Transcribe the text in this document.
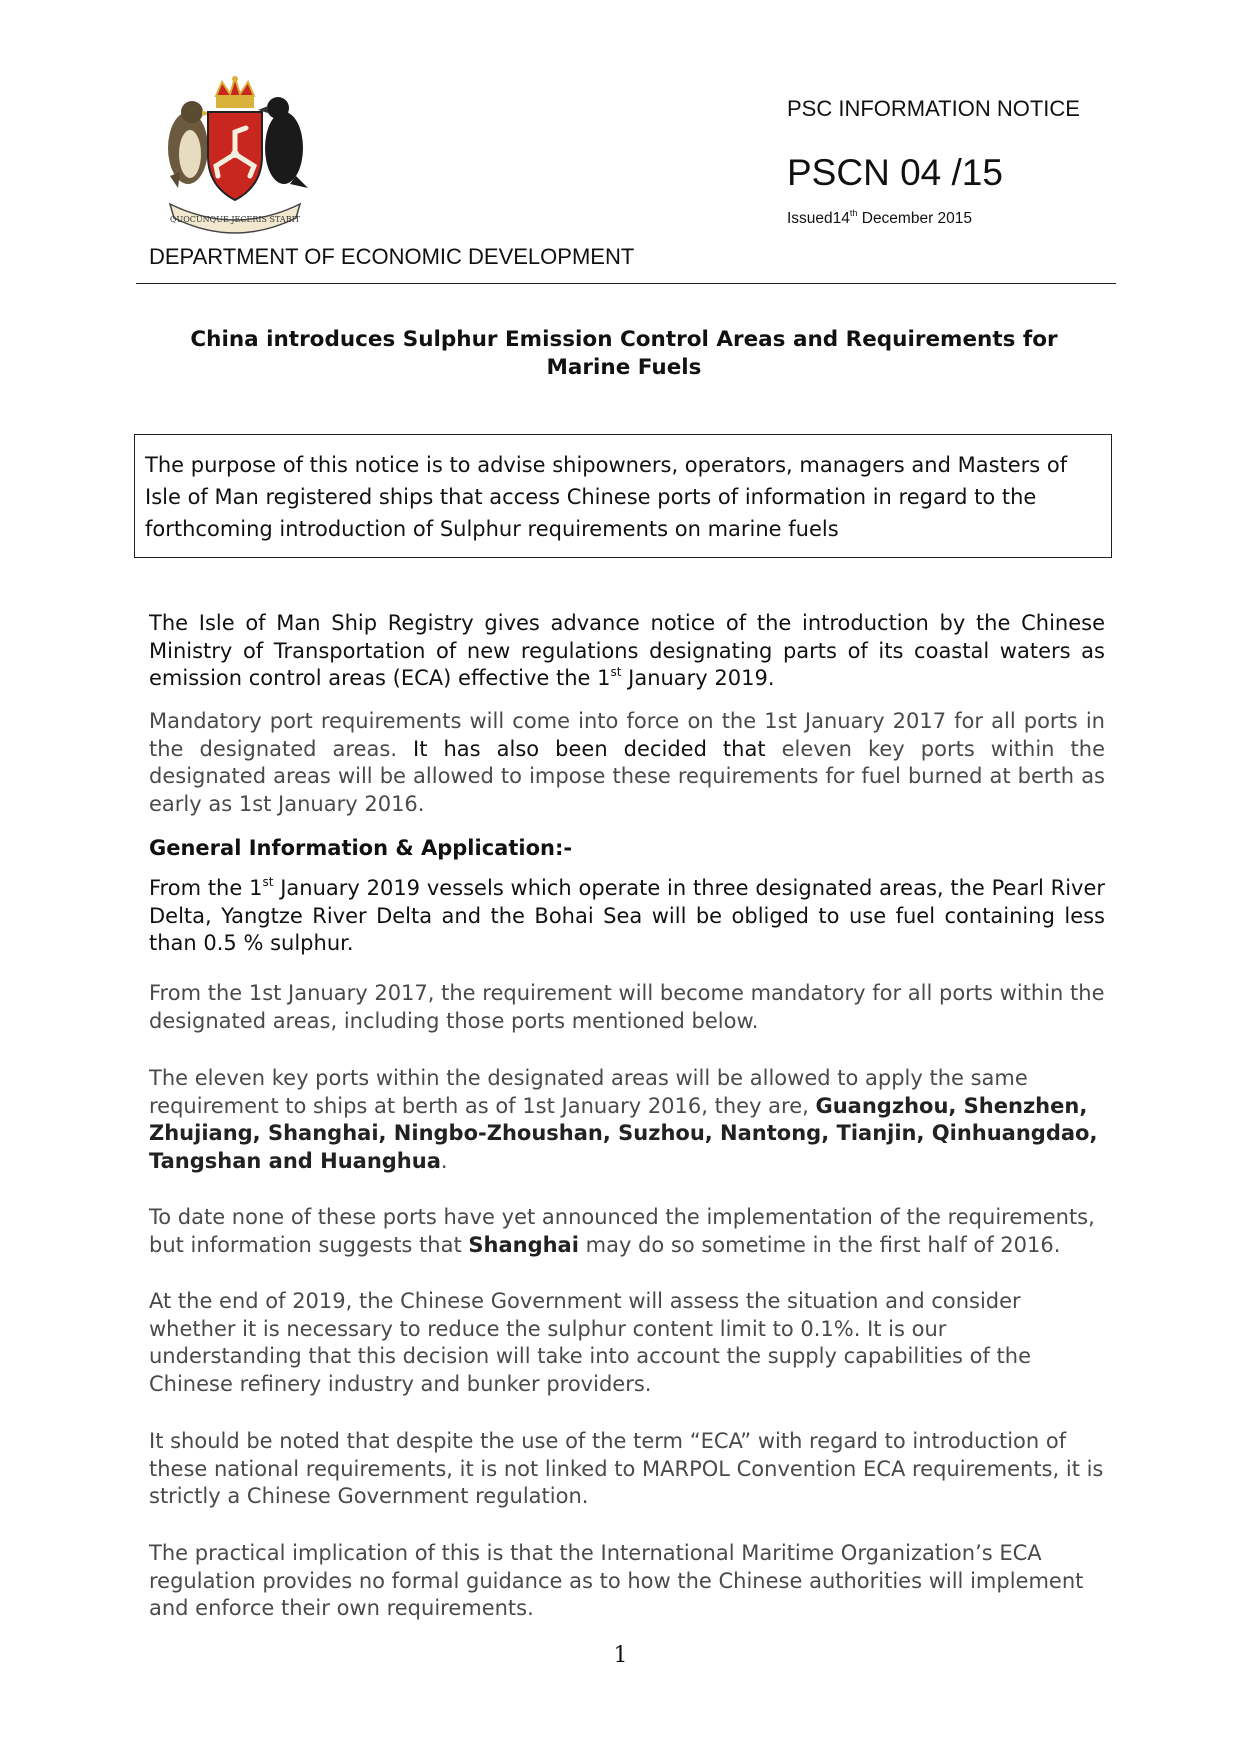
QUOCUNQUE JECERIS STABIT
PSC INFORMATION NOTICE
PSCN 04 /15
Issued14th December 2015
DEPARTMENT OF ECONOMIC DEVELOPMENT
China introduces Sulphur Emission Control Areas and Requirements for Marine Fuels
The purpose of this notice is to advise shipowners, operators, managers and Masters of Isle of Man registered ships that access Chinese ports of information in regard to the forthcoming introduction of Sulphur requirements on marine fuels
The Isle of Man Ship Registry gives advance notice of the introduction by the Chinese Ministry of Transportation of new regulations designating parts of its coastal waters as emission control areas (ECA) effective the 1st January 2019.
Mandatory port requirements will come into force on the 1st January 2017 for all ports in the designated areas. It has also been decided that eleven key ports within the designated areas will be allowed to impose these requirements for fuel burned at berth as early as 1st January 2016.
General Information & Application:-
From the 1st January 2019 vessels which operate in three designated areas, the Pearl River Delta, Yangtze River Delta and the Bohai Sea will be obliged to use fuel containing less than 0.5 % sulphur.
From the 1st January 2017, the requirement will become mandatory for all ports within the designated areas, including those ports mentioned below.
The eleven key ports within the designated areas will be allowed to apply the same requirement to ships at berth as of 1st January 2016, they are, Guangzhou, Shenzhen, Zhujiang, Shanghai, Ningbo-Zhoushan, Suzhou, Nantong, Tianjin, Qinhuangdao, Tangshan and Huanghua.
To date none of these ports have yet announced the implementation of the requirements, but information suggests that Shanghai may do so sometime in the first half of 2016.
At the end of 2019, the Chinese Government will assess the situation and consider whether it is necessary to reduce the sulphur content limit to 0.1%. It is our understanding that this decision will take into account the supply capabilities of the Chinese refinery industry and bunker providers.
It should be noted that despite the use of the term “ECA” with regard to introduction of these national requirements, it is not linked to MARPOL Convention ECA requirements, it is strictly a Chinese Government regulation.
The practical implication of this is that the International Maritime Organization’s ECA regulation provides no formal guidance as to how the Chinese authorities will implement and enforce their own requirements.
1
